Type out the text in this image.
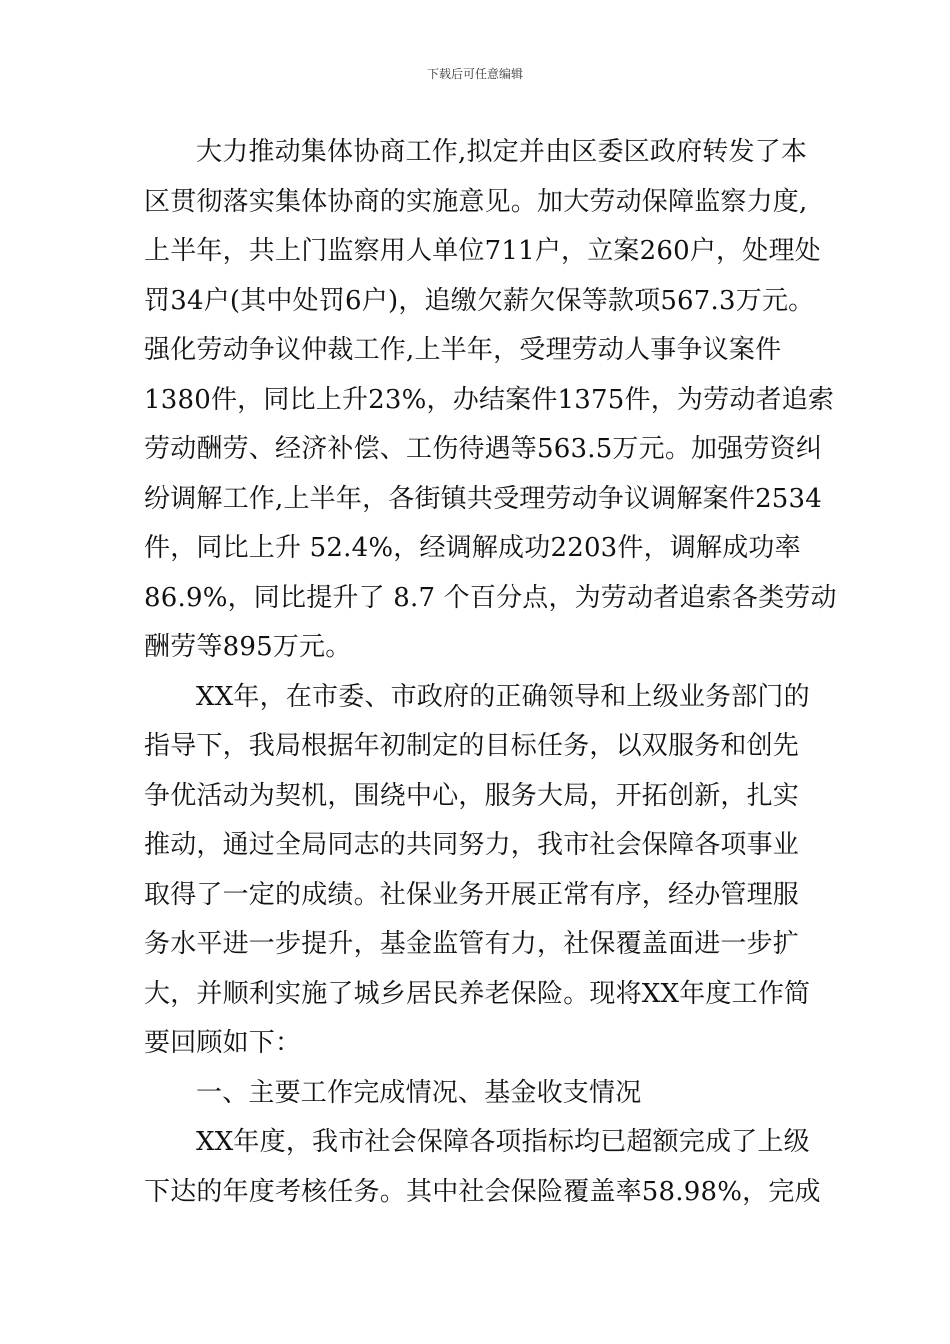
下载后可任意编辑
大力推动集体协商工作,拟定并由区委区政府转发了本
区贯彻落实集体协商的实施意见。加大劳动保障监察力度,
上半年，共上门监察用人单位711户，立案260户，处理处
罚34户(其中处罚6户)，追缴欠薪欠保等款项567.3万元。
强化劳动争议仲裁工作,上半年，受理劳动人事争议案件
1380件，同比上升23%，办结案件1375件，为劳动者追索
劳动酬劳、经济补偿、工伤待遇等563.5万元。加强劳资纠
纷调解工作,上半年，各街镇共受理劳动争议调解案件2534
件，同比上升 52.4%，经调解成功2203件，调解成功率
86.9%，同比提升了 8.7 个百分点，为劳动者追索各类劳动
酬劳等895万元。
XX年，在市委、市政府的正确领导和上级业务部门的
指导下，我局根据年初制定的目标任务，以双服务和创先
争优活动为契机，围绕中心，服务大局，开拓创新，扎实
推动，通过全局同志的共同努力，我市社会保障各项事业
取得了一定的成绩。社保业务开展正常有序，经办管理服
务水平进一步提升，基金监管有力，社保覆盖面进一步扩
大，并顺利实施了城乡居民养老保险。现将XX年度工作简
要回顾如下：
一、主要工作完成情况、基金收支情况
XX年度，我市社会保障各项指标均已超额完成了上级
下达的年度考核任务。其中社会保险覆盖率58.98%，完成
